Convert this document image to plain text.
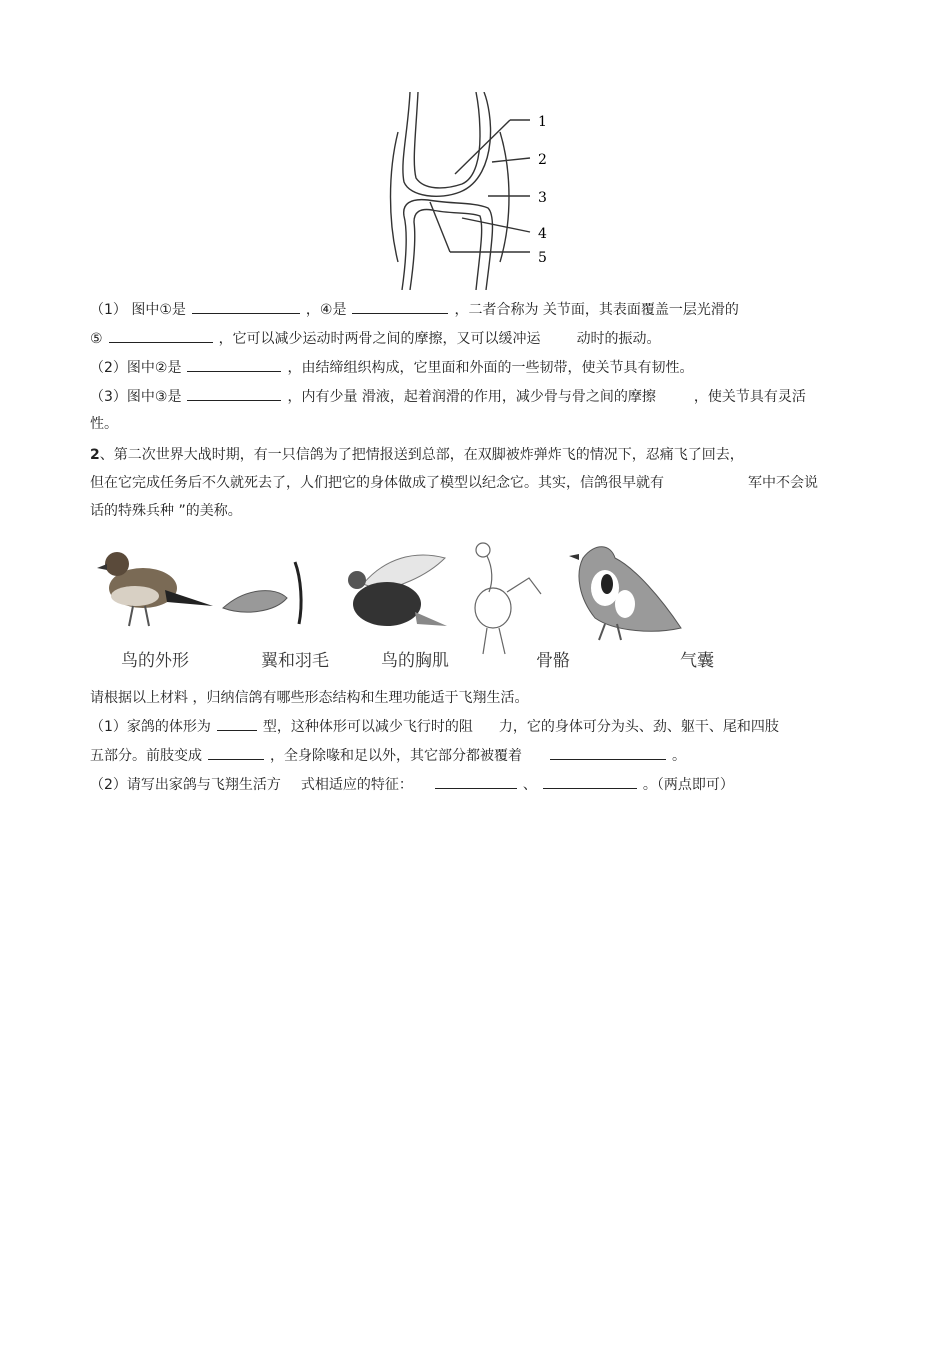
1
2
3
4
5
（1） 图中①是	，④是	，二者合称为 关节面，其表面覆盖一层光滑的
⑤	，它可以减少运动时两骨之间的摩擦，又可以缓冲运	动时的振动。
（2）图中②是	，由结缔组织构成，它里面和外面的一些韧带，使关节具有韧性。
（3）图中③是	，内有少量 滑液，起着润滑的作用，减少骨与骨之间的摩擦	，使关节具有灵活
性。
2、第二次世界大战时期，有一只信鸽为了把情报送到总部，在双脚被炸弹炸飞的情况下，忍痛飞了回去，
但在它完成任务后不久就死去了，人们把它的身体做成了模型以纪念它。其实，信鸽很早就有	军中不会说
话的特殊兵种 ”的美称。
鸟的外形	翼和羽毛	鸟的胸肌	骨骼	气囊
请根据以上材料 ，归纳信鸽有哪些形态结构和生理功能适于飞翔生活。
（1）家鸽的体形为	型，这种体形可以减少飞行时的阻 力，它的身体可分为头、劲、躯干、尾和四肢
五部分。前肢变成	，全身除喙和足以外，其它部分都被覆着	。
（2）请写出家鸽与飞翔生活方 式相适应的特征：	、	。（两点即可）
